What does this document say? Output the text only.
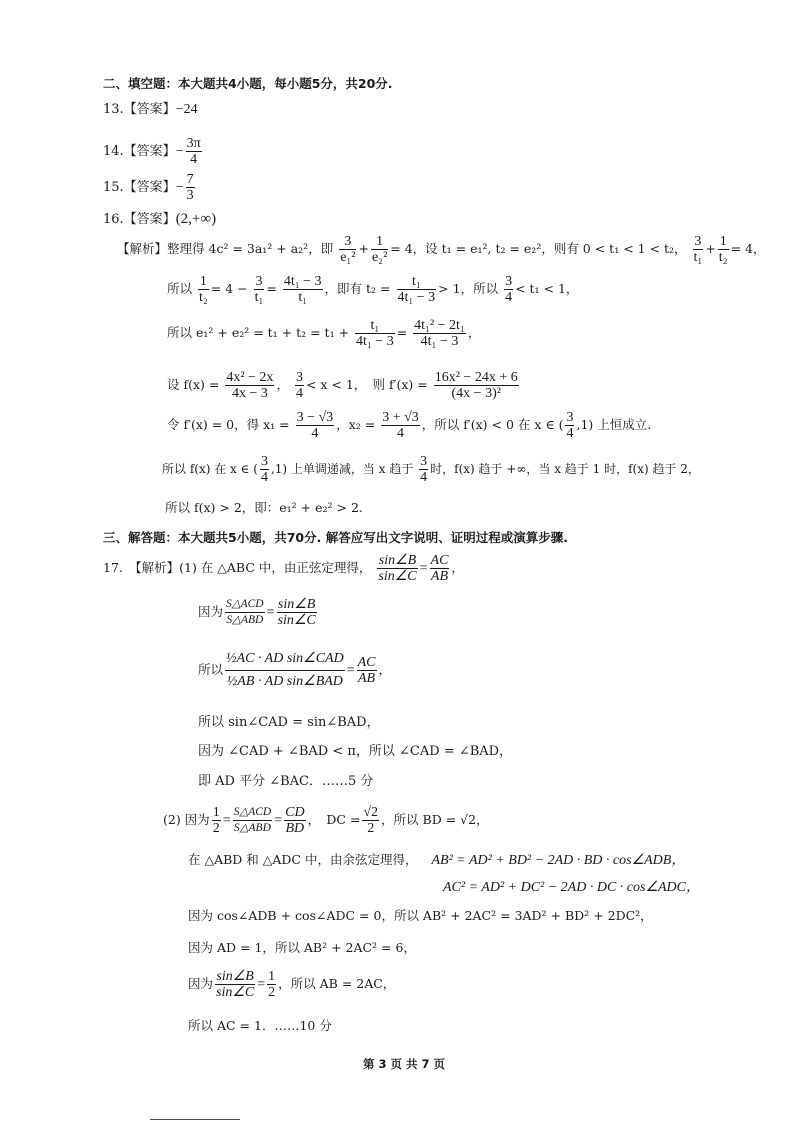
二、填空题：本大题共4小题，每小题5分，共20分.
13.【答案】−24
14.【答案】− $\frac{3\pi}{4}$
15.【答案】− $\frac{7}{3}$
16.【答案】(2,+∞)
【解析】整理得 4c² = 3a₁² + a₂²，即 $\frac{3}{\text{e₁²}} + \frac{1}{\text{e₂²}} = 4$，设 t₁ = e₁², t₂ = e₂²，则有 0 < t₁ < 1 < t₂， $\frac{3}{\text{t₁}} + \frac{1}{\text{t₂}} = 4$，
所以 $\frac{1}{\text{t₂}} = 4 - \frac{3}{\text{t₁}} = \frac{\text{4t₁ − 3}}{\text{t₁}}$ ，即有 $t_2 = \frac{\text{t₁}}{\text{4t₁ − 3}} > 1$，所以 $\frac{3}{4} < t_1 < 1$，
所以 $e_1^2 + e_2^2 = t_1 + t_2 = t_1 + \frac{\text{t₁}}{\text{4t₁ − 3}} = \frac{\text{4t₁² − 2t₁}}{\text{4t₁ − 3}}$ ，
设 $f(x) = \frac{\text{4x² − 2x}}{4x - 3}$ ， $\frac{3}{4} < x < 1$，　则 $f'(x) = \frac{\text{16x² − 24x + 6}}{\text{(4x − 3)²}}$
令 f′(x) = 0，得 $x_1 = \frac{3 - √3}{4}$ ，$x_2 = \frac{3 + √3}{4}$ ，所以 f′(x) < 0 在 x ∈ ( $\frac{3}{4} ,1$) 上恒成立.
所以 f(x) 在 x ∈ ( $\frac{3}{4} ,1$) 上单调递减，当 x 趋于 $\frac{3}{4}$ 时，f(x) 趋于 +∞，当 x 趋于 1 时，f(x) 趋于 2，
所以 f(x) > 2，即：e₁² + e₂² > 2.
三、解答题：本大题共5小题，共70分. 解答应写出文字说明、证明过程或演算步骤.
17.　【解析】(1) 在 △ABC 中，由正弦定理得， $\frac{\sin\angle B}{\sin\angle C} = \frac{AC}{AB}$ ，
因为 $\frac{\text{S△ACD}}{\text{S△ABD}} = \frac{\sin\angle B}{\sin\angle C}$
所以 $\frac{\text{½AC · AD sin∠CAD}}{\text{½AB · AD sin∠BAD}} = \frac{AC}{AB}$ ，
所以 sin∠CAD = sin∠BAD，
因为 ∠CAD + ∠BAD < π，所以 ∠CAD = ∠BAD，
即 AD 平分 ∠BAC．……5 分
(2) 因为 $\frac{1}{2} = \frac{\text{S△ACD}}{\text{S△ABD}} = \frac{CD}{BD}$ ，　DC = $\frac{√2}{2}$ ，所以 BD = √2，
在 △ABD 和 △ADC 中，由余弦定理得， AB² = AD² + BD² − 2AD · BD · cos∠ADB，
AC² = AD² + DC² − 2AD · DC · cos∠ADC，
因为 cos∠ADB + cos∠ADC = 0，所以 AB² + 2AC² = 3AD² + BD² + 2DC²，
因为 AD = 1，所以 AB² + 2AC² = 6，
因为 $\frac{\sin\angle B}{\sin\angle C} = \frac{1}{2}$ ，所以 AB = 2AC，
所以 AC = 1．……10 分
第 3 页 共 7 页
